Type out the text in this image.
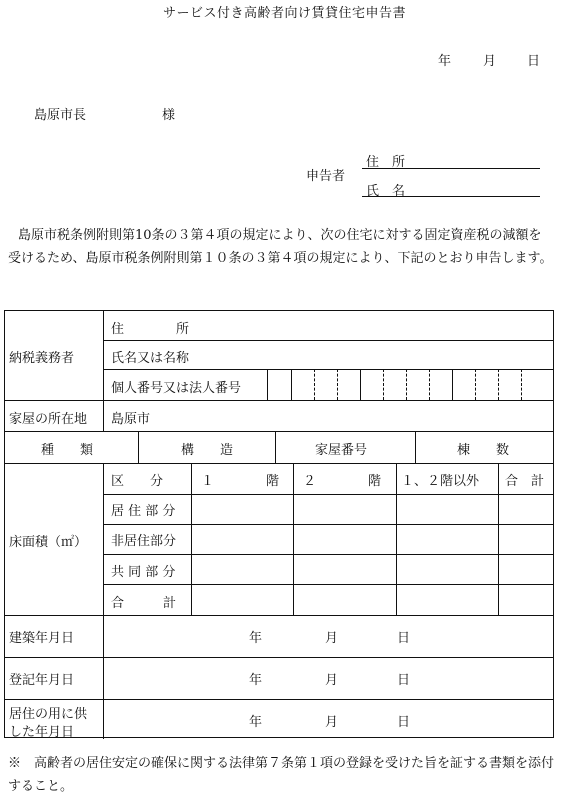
サービス付き高齢者向け賃貸住宅申告書
年 月 日
島原市長	様
申告者
住　所
氏　名
島原市税条例附則第10条の３第４項の規定により、次の住宅に対する固定資産税の減額を受けるため、島原市税条例附則第１０条の３第４項の規定により、下記のとおり申告します。
納税義務者
住　　　　所
氏名又は名称
個人番号又は法人番号
家屋の所在地 島原市
種　　類	構　　造	家屋番号	棟　　数
床面積（㎡）
区　　分	１　　　　階 ２　　　　階 １、２階以外 合　計
居 住 部 分
非居住部分
共 同 部 分
合　　　計
建築年月日	年	月	日
登記年月日	年	月	日
居住の用に供
した年月日
年	月	日
※　高齢者の居住安定の確保に関する法律第７条第１項の登録を受けた旨を証する書類を添付すること。
